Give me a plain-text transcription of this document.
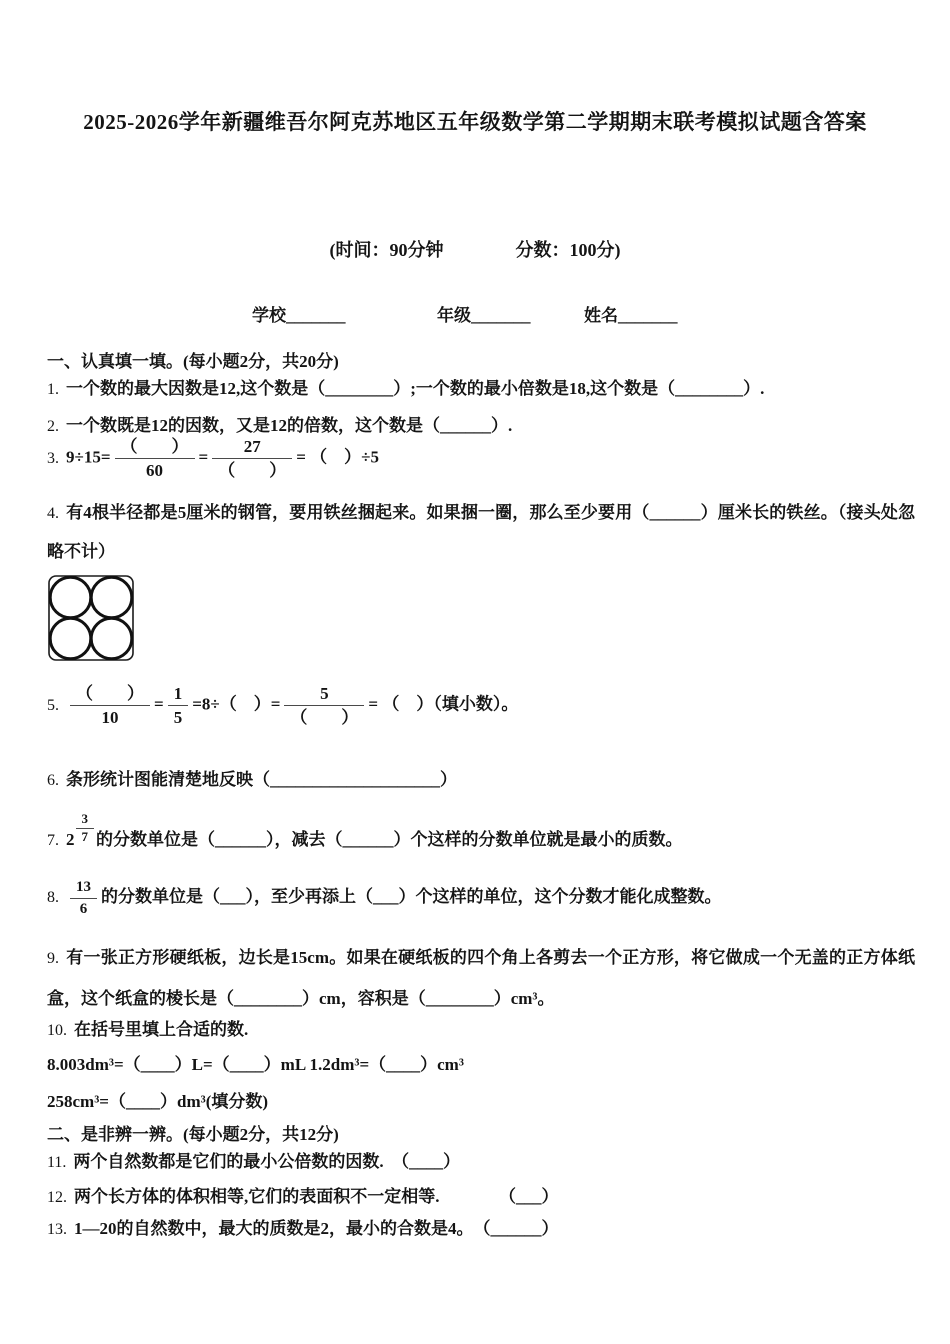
2025-2026学年新疆维吾尔阿克苏地区五年级数学第二学期期末联考模拟试题含答案
(时间：90分钟　　　　分数：100分)
学校_______	年级_______	姓名_______
一、认真填一填。(每小题2分，共20分)
1. 一个数的最大因数是12,这个数是（________）;一个数的最小倍数是18,这个数是（________）.
2. 一个数既是12的因数，又是12的倍数，这个数是（______）.
3. $9\div 15= \frac{( )}{60} = \frac{27}{( )}$ = （　）÷5
4. 有4根半径都是5厘米的钢管，要用铁丝捆起来。如果捆一圈，那么至少要用（______）厘米长的铁丝。（接头处忽略不计）
5. $\frac{( )}{10} = \frac{1}{5} =8\div$（　）= $\frac{5}{( )}$ = （　）（填小数）。
6. 条形统计图能清楚地反映（____________________）
7. $2 \frac{3}{7}$ 的分数单位是（______），减去（______）个这样的分数单位就是最小的质数。
8. $\frac{13}{6}$ 的分数单位是（___），至少再添上（___）个这样的单位，这个分数才能化成整数。
9. 有一张正方形硬纸板，边长是15cm。如果在硬纸板的四个角上各剪去一个正方形，将它做成一个无盖的正方体纸盒，这个纸盒的棱长是（________）cm，容积是（________）cm³。
10. 在括号里填上合适的数.
8.003dm³=（____）L=（____）mL 1.2dm³=（____）cm³
258cm³=（____）dm³(填分数)
二、是非辨一辨。(每小题2分，共12分)
11. 两个自然数都是它们的最小公倍数的因数.　（____）
12. 两个长方体的体积相等,它们的表面积不一定相等.　　　　（___）
13. 1—20的自然数中，最大的质数是2，最小的合数是4。　（______）
